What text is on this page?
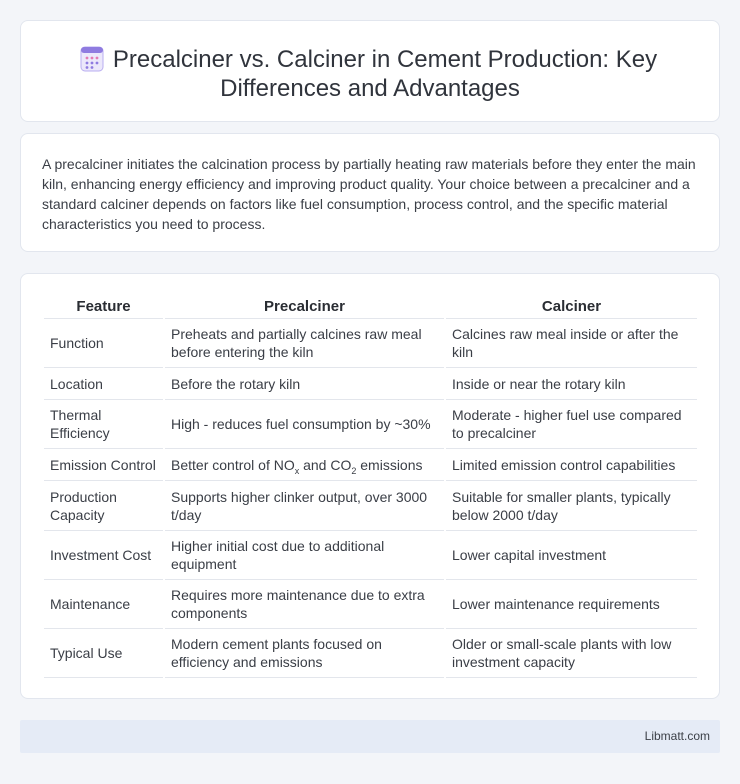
Precalciner vs. Calciner in Cement Production: Key
Differences and Advantages

A precalciner initiates the calcination process by partially heating raw materials before they enter the main kiln, enhancing energy efficiency and improving product quality. Your choice between a precalciner and a standard calciner depends on factors like fuel consumption, process control, and the specific material characteristics you need to process.

Feature	Precalciner	Calciner
Function	Preheats and partially calcines raw meal before entering the kiln	Calcines raw meal inside or after the kiln
Location	Before the rotary kiln	Inside or near the rotary kiln
Thermal Efficiency	High - reduces fuel consumption by ~30%	Moderate - higher fuel use compared to precalciner
Emission Control	Better control of $NO_x$ and $CO_2$ emissions	Limited emission control capabilities
Production Capacity	Supports higher clinker output, over 3000 t/day	Suitable for smaller plants, typically below 2000 t/day
Investment Cost	Higher initial cost due to additional equipment	Lower capital investment
Maintenance	Requires more maintenance due to extra components	Lower maintenance requirements
Typical Use	Modern cement plants focused on efficiency and emissions	Older or small-scale plants with low investment capacity
Libmatt.com
